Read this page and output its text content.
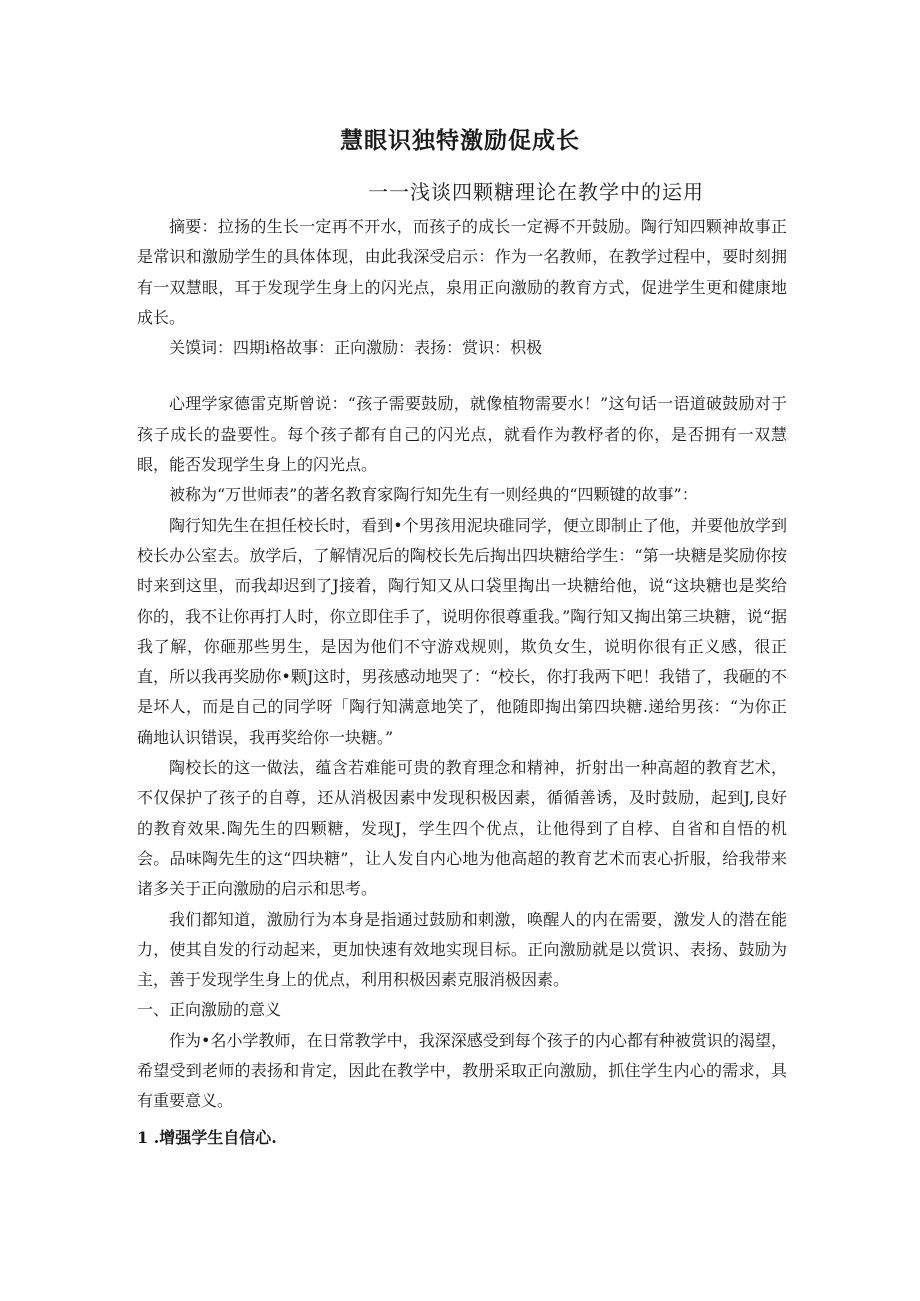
慧眼识独特激励促成长
一一浅谈四颗糖理论在教学中的运用

摘要：拉扬的生长一定再不开水，而孩子的成长一定褥不开鼓励。陶行知四颗神故事正是常识和激励学生的具体体现，由此我深受启示：作为一名教师，在教学过程中，要时刻拥有一双慧眼，耳于发现学生身上的闪光点，泉用正向激励的教育方式，促进学生更和健康地成长。

关馍词：四期i格故事：正向激励：表扬：赏识：枳极

心理学家德雷克斯曾说：“孩子需要鼓励，就像植物需要水！”这句话一语道破鼓励对于孩子成长的盎要性。每个孩子都有自己的闪光点，就看作为教杼者的你，是否拥有一双慧眼，能否发现学生身上的闪光点。

被称为“万世师表”的著名教育家陶行知先生有一则经典的“四颗键的故事”：

陶行知先生在担任校长时，看到•个男孩用泥块碓同学，便立即制止了他，并要他放学到校长办公室去。放学后，了解情况后的陶校长先后掏出四块糖给学生：“第一块糖是奖励你按时来到这里，而我却迟到了J接着，陶行知又从口袋里掏出一块糖给他，说“这块糖也是奖给你的，我不让你再打人时，你立即住手了，说明你很尊重我。”陶行知又掏出第三块糖，说“据我了解，你砸那些男生，是因为他们不守游戏规则，欺负女生，说明你很有正义感，很正直，所以我再奖励你•颗J这时，男孩感动地哭了：“校长，你打我两下吧！我错了，我砸的不是坏人，而是自己的同学呀「陶行知满意地笑了，他随即掏出第四块糖.递给男孩：“为你正确地认识错误，我再奖给你一块糖。”

陶校长的这一做法，蕴含若难能可贵的教育理念和精神，折射出一种高超的教育艺术，不仅保护了孩子的自尊，还从消极因素中发现积极因素，循循善诱，及时鼓励，起到J,良好的教育效果.陶先生的四颗糖，发现J，学生四个优点，让他得到了自桲、自省和自悟的机会。品味陶先生的这“四块糖”，让人发自内心地为他高超的教育艺术而衷心折服，给我带来诸多关于正向激励的启示和思考。

我们都知道，激励行为本身是指通过鼓励和刺激，唤醒人的内在需要，激发人的潜在能力，使其自发的行动起来，更加快速有效地实现目标。正向激励就是以赏识、表扬、鼓励为主，善于发现学生身上的优点，利用积极因素克服消极因素。

一、正向激励的意义

作为•名小学教师，在日常教学中，我深深感受到每个孩子的内心都有种被赏识的渴望，希望受到老师的表扬和肯定，因此在教学中，教册采取正向激励，抓住学生内心的需求，具有重要意义。

1 .增强学生自信心.
